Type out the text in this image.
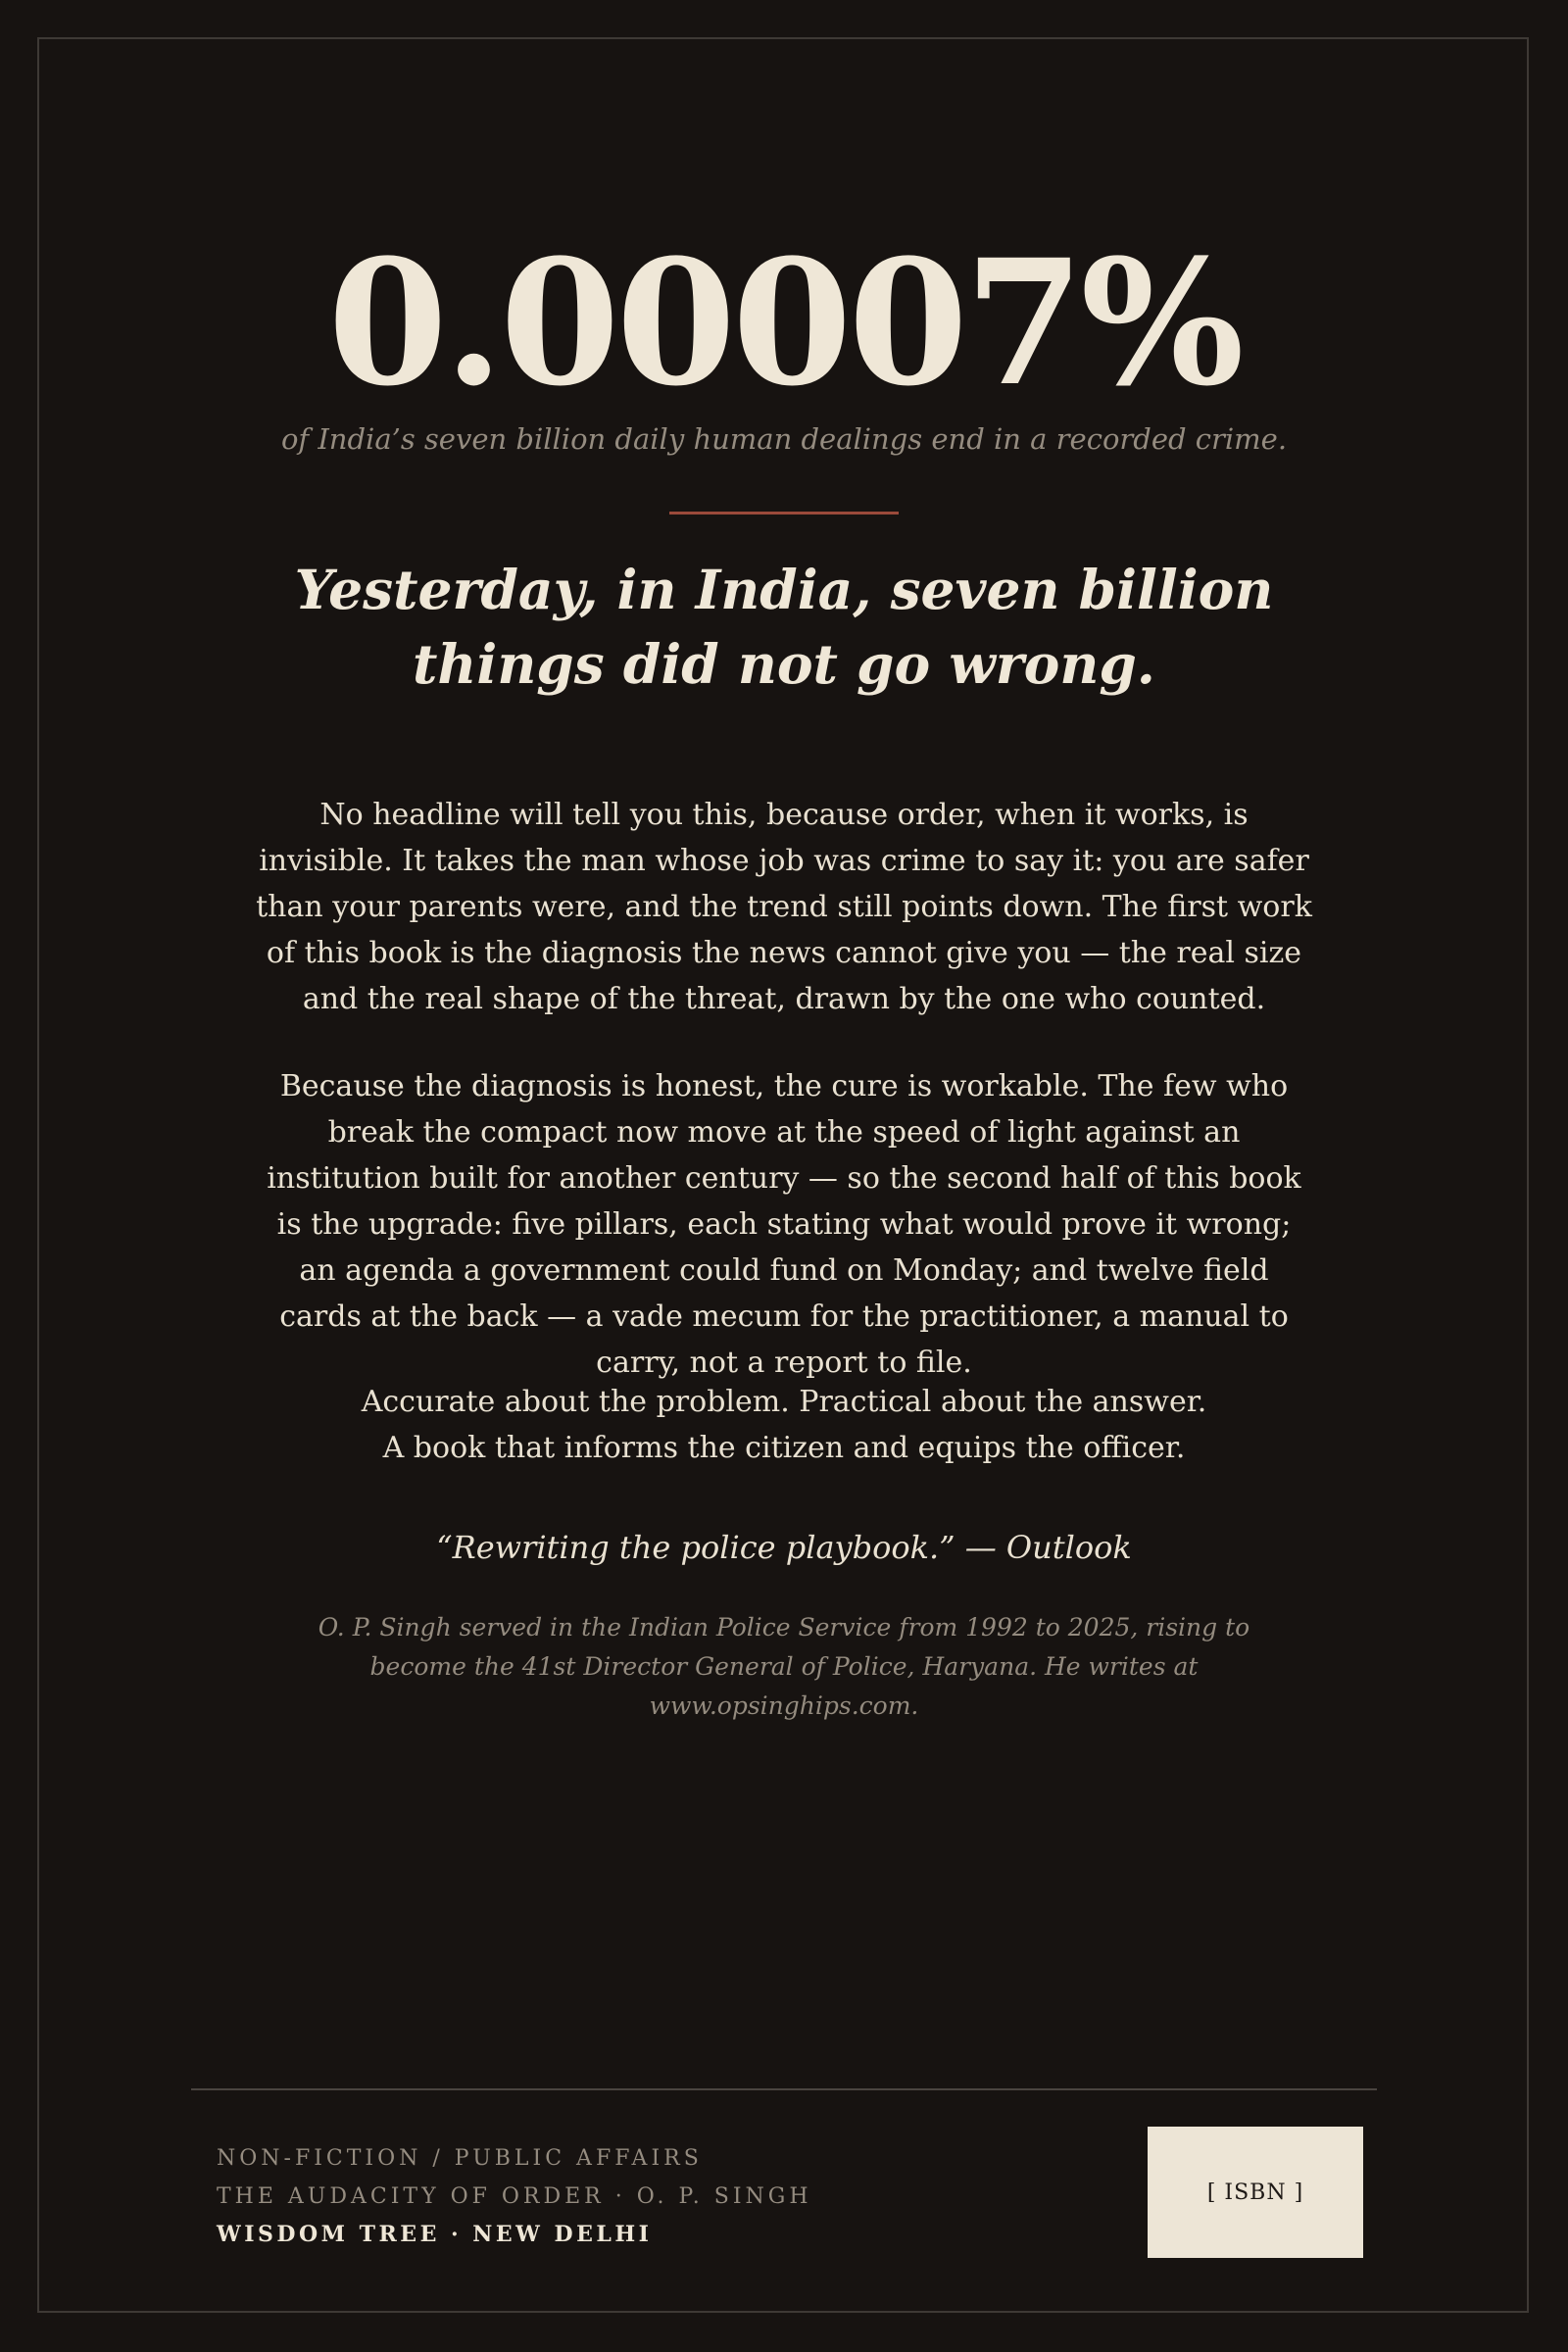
0.00007%
of India’s seven billion daily human dealings end in a recorded crime.
Yesterday, in India, seven billion
things did not go wrong.
No headline will tell you this, because order, when it works, is invisible. It takes the man whose job was crime to say it: you are safer than your parents were, and the trend still points down. The first work of this book is the diagnosis the news cannot give you — the real size and the real shape of the threat, drawn by the one who counted.
Because the diagnosis is honest, the cure is workable. The few who break the compact now move at the speed of light against an institution built for another century — so the second half of this book is the upgrade: five pillars, each stating what would prove it wrong; an agenda a government could fund on Monday; and twelve field cards at the back — a vade mecum for the practitioner, a manual to carry, not a report to file.
Accurate about the problem. Practical about the answer.
A book that informs the citizen and equips the officer.
“Rewriting the police playbook.” — Outlook
O. P. Singh served in the Indian Police Service from 1992 to 2025, rising to become the 41st Director General of Police, Haryana. He writes at www.opsinghips.com.
NON-FICTION / PUBLIC AFFAIRS
THE AUDACITY OF ORDER · O. P. SINGH
WISDOM TREE · NEW DELHI
[ ISBN ]
